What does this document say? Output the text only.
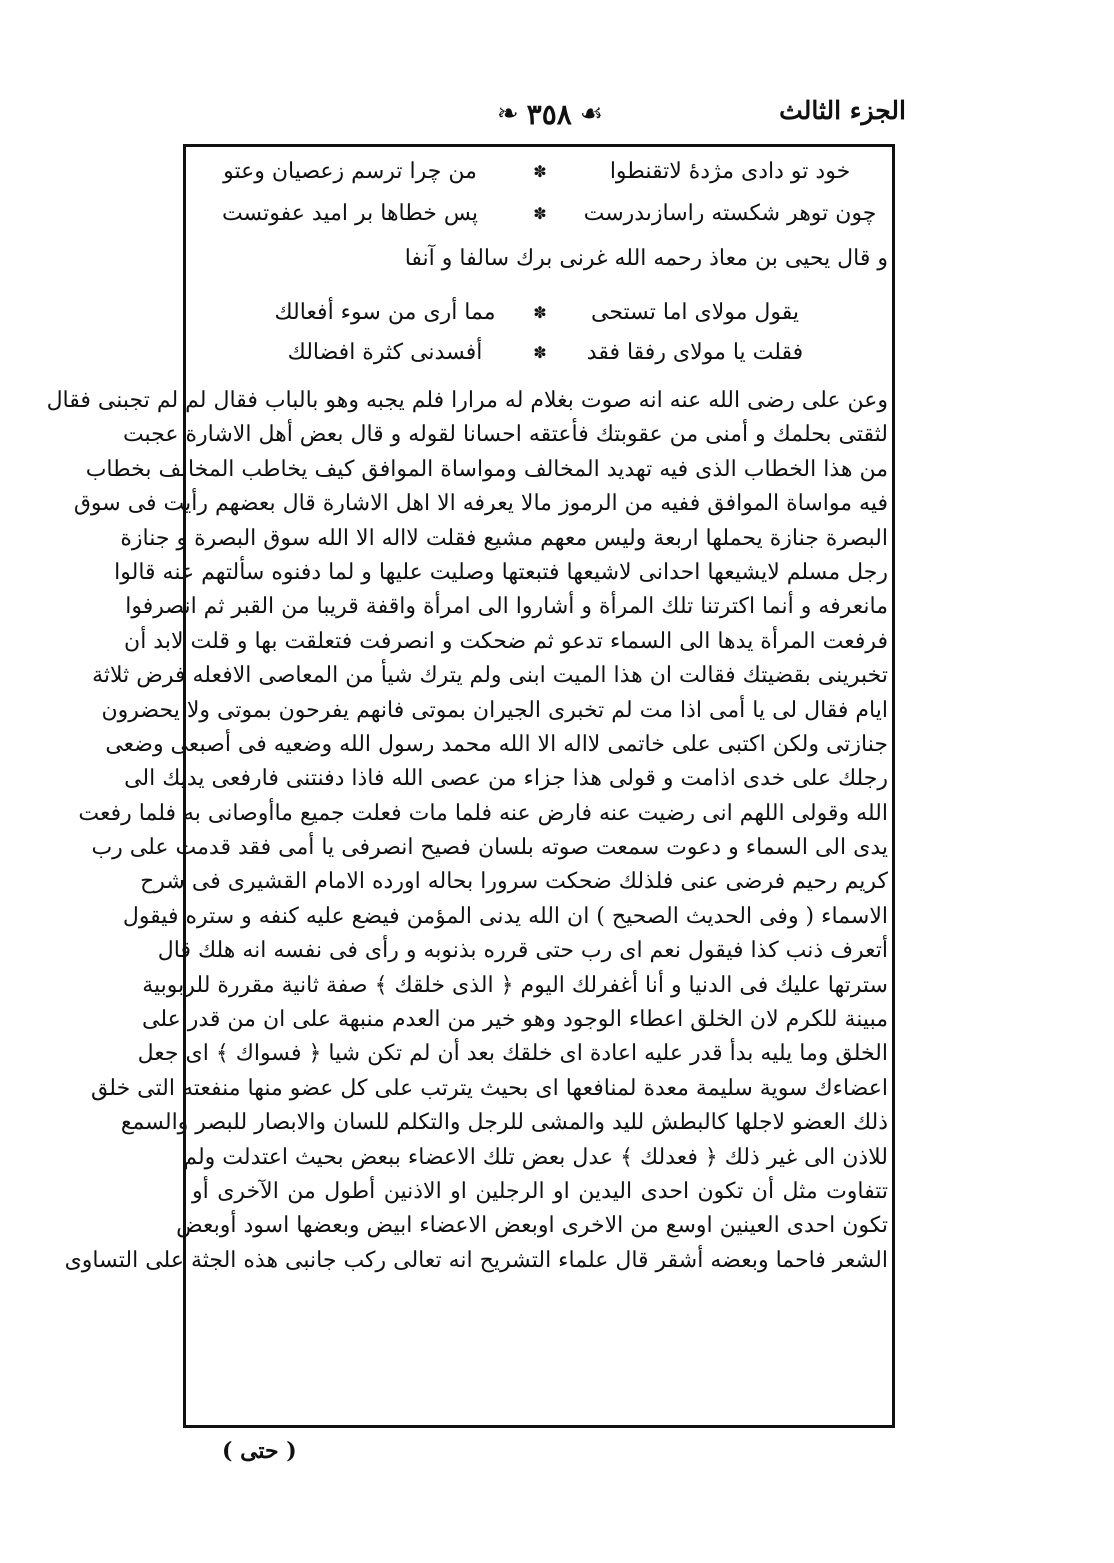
الجزء الثالث
❧ ٣٥٨ ☙
خود تو دادى مژدهٔ لاتقنطوا
✽
من چرا ترسم زعصيان وعتو
چون توهر شكسته راسازىدرست
✽
پس خطاها بر اميد عفوتست
و قال يحيى بن معاذ رحمه الله غرنى برك سالفا و آنفا
يقول مولاى اما تستحى
✽
مما أرى من سوء أفعالك
فقلت يا مولاى رفقا فقد
✽
أفسدنى كثرة افضالك
وعن على رضى الله عنه انه صوت بغلام له مرارا فلم يجبه وهو بالباب فقال لم لم تجبنى فقال
لثقتى بحلمك و أمنى من عقوبتك فأعتقه احسانا لقوله و قال بعض أهل الاشارة عجبت
من هذا الخطاب الذى فيه تهديد المخالف ومواساة الموافق كيف يخاطب المخالف بخطاب
فيه مواساة الموافق ففيه من الرموز مالا يعرفه الا اهل الاشارة قال بعضهم رأيت فى سوق
البصرة جنازة يحملها اربعة وليس معهم مشيع فقلت لااله الا الله سوق البصرة و جنازة
رجل مسلم لايشيعها احدانى لاشيعها فتبعتها وصليت عليها و لما دفنوه سألتهم عنه قالوا
مانعرفه و أنما اكترتنا تلك المرأة و أشاروا الى امرأة واقفة قريبا من القبر ثم انصرفوا
فرفعت المرأة يدها الى السماء تدعو ثم ضحكت و انصرفت فتعلقت بها و قلت لابد أن
تخبرينى بقضيتك فقالت ان هذا الميت ابنى ولم يترك شيأ من المعاصى الافعله فرض ثلاثة
ايام فقال لى يا أمى اذا مت لم تخبرى الجيران بموتى فانهم يفرحون بموتى ولا يحضرون
جنازتى ولكن اكتبى على خاتمى لااله الا الله محمد رسول الله وضعيه فى أصبعى وضعى
رجلك على خدى اذامت و قولى هذا جزاء من عصى الله فاذا دفنتنى فارفعى يديك الى
الله وقولى اللهم انى رضيت عنه فارض عنه فلما مات فعلت جميع ماأوصانى به فلما رفعت
يدى الى السماء و دعوت سمعت صوته بلسان فصيح انصرفى يا أمى فقد قدمت على رب
كريم رحيم فرضى عنى فلذلك ضحكت سرورا بحاله اورده الامام القشيرى فى شرح
الاسماء ( وفى الحديث الصحيح ) ان الله يدنى المؤمن فيضع عليه كنفه و ستره فيقول
أتعرف ذنب كذا فيقول نعم اى رب حتى قرره بذنوبه و رأى فى نفسه انه هلك قال
سترتها عليك فى الدنيا و أنا أغفرلك اليوم ﴿ الذى خلقك ﴾ صفة ثانية مقررة للربوبية
مبينة للكرم لان الخلق اعطاء الوجود وهو خير من العدم منبهة على ان من قدر على
الخلق وما يليه بدأ قدر عليه اعادة اى خلقك بعد أن لم تكن شيا ﴿ فسواك ﴾ اى جعل
اعضاءك سوية سليمة معدة لمنافعها اى بحيث يترتب على كل عضو منها منفعته التى خلق
ذلك العضو لاجلها كالبطش لليد والمشى للرجل والتكلم للسان والابصار للبصر والسمع
للاذن الى غير ذلك ﴿ فعدلك ﴾ عدل بعض تلك الاعضاء ببعض بحيث اعتدلت ولم
تتفاوت مثل أن تكون احدى اليدين او الرجلين او الاذنين أطول من الآخرى أو
تكون احدى العينين اوسع من الاخرى اوبعض الاعضاء ابيض وبعضها اسود أوبعض
الشعر فاحما وبعضه أشقر قال علماء التشريح انه تعالى ركب جانبى هذه الجثة على التساوى
( حتى )
